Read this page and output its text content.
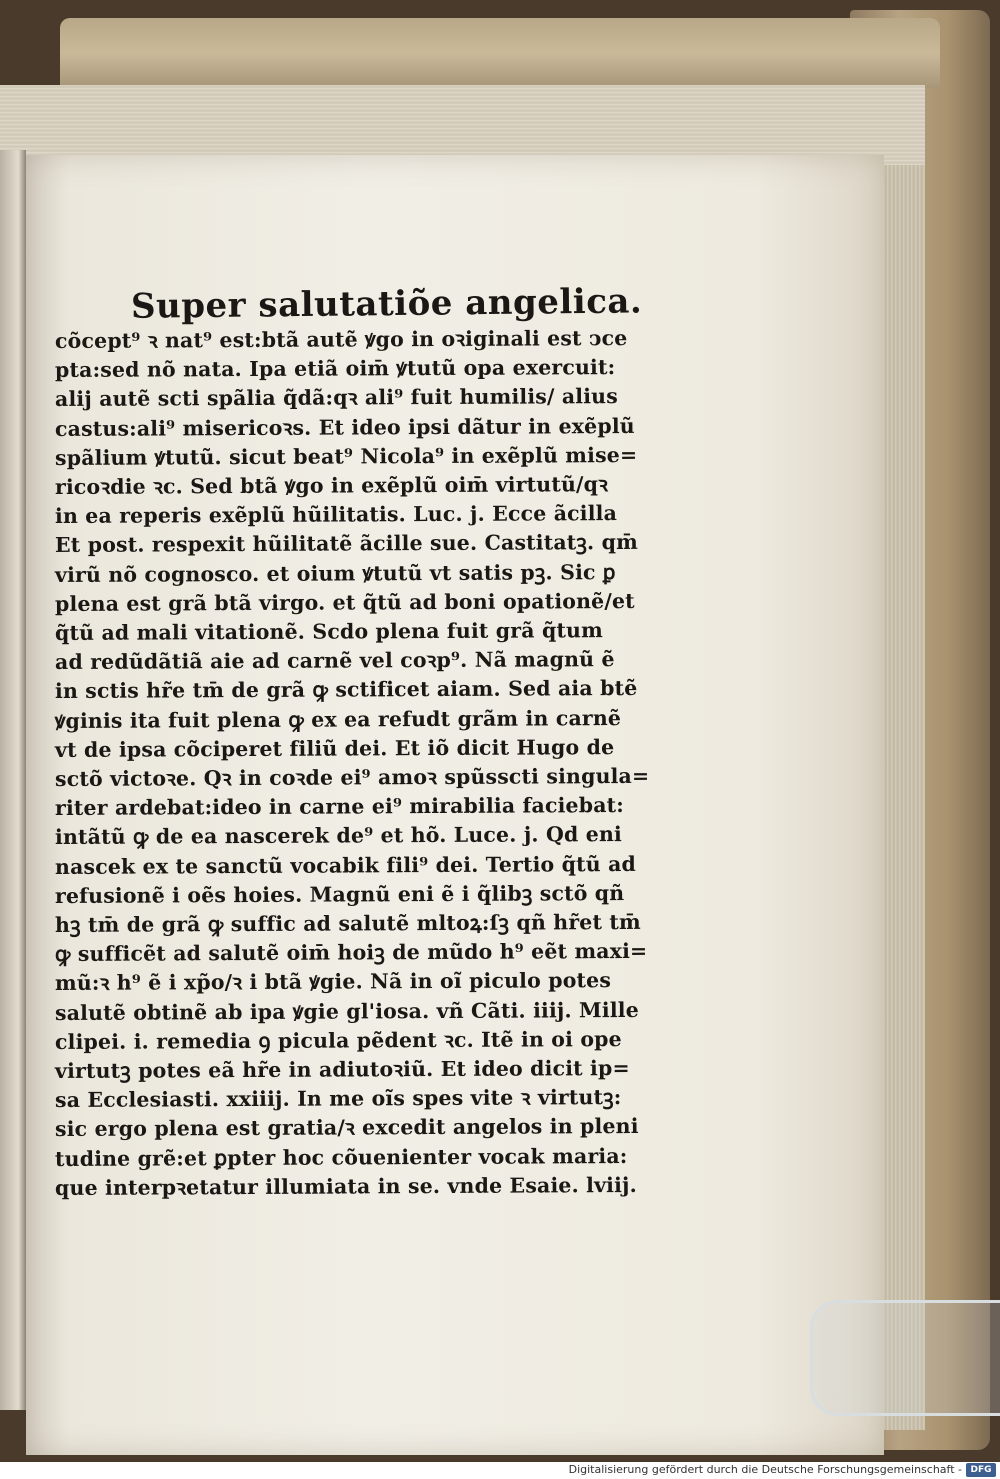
Super salutatiõe angelica.
cõcept⁹ ꝛ nat⁹ est:btã autẽ ꝟgo in oꝛiginali est ↄce
pta:sed nõ nata. Ipa etiã oim̄ ꝟtutũ opa exercuit:
alij autẽ scti spãlia q̃dã:qꝛ ali⁹ fuit humilis/ alius
castus:ali⁹ misericoꝛs. Et ideo ipsi dãtur in exẽplũ
spãlium ꝟtutũ. sicut beat⁹ Nicola⁹ in exẽplũ mise=
ricoꝛdie ꝛc. Sed btã ꝟgo in exẽplũ oim̄ virtutũ/qꝛ
in ea reperis exẽplũ hũilitatis. Luc. j. Ecce ãcilla
Et post. respexit hũilitatẽ ãcille sue. Castitatꝫ. qm̄
virũ nõ cognosco. et oium ꝟtutũ vt satis pꝫ. Sic ꝑ
plena est grã btã virgo. et q̃tũ ad boni opationẽ/et
q̃tũ ad mali vitationẽ. Scdo plena fuit grã q̃tum
ad redũdãtiã aie ad carnẽ vel coꝛp⁹. Nã magnũ ẽ
in sctis hr̃e tm̄ de grã ꝙ sctificet aiam. Sed aia btẽ
ꝟginis ita fuit plena ꝙ ex ea refudt grãm in carnẽ
vt de ipsa cõciperet filiũ dei. Et iõ dicit Hugo de
sctõ victoꝛe. Qꝛ in coꝛde ei⁹ amoꝛ spũsscti singula=
riter ardebat:ideo in carne ei⁹ mirabilia faciebat:
intãtũ ꝙ de ea nascerek de⁹ et hõ. Luce. j. Qd eni
nascek ex te sanctũ vocabik fili⁹ dei. Tertio q̃tũ ad
refusionẽ i oẽs hoies. Magnũ eni ẽ i q̃libꝫ sctõ qñ
hꝫ tm̄ de grã ꝙ suffic ad salutẽ mltoꝝ:ſꝫ qñ hr̃et tm̄
ꝙ sufficẽt ad salutẽ oim̄ hoiꝫ de mũdo h⁹ eẽt maxi=
mũ:ꝛ h⁹ ẽ i xp̃o/ꝛ i btã ꝟgie. Nã in oĩ piculo potes
salutẽ obtinẽ ab ipa ꝟgie gl'iosa. vñ Cãti. iiij. Mille
clipei. i. remedia ꝯ picula pẽdent ꝛc. Itẽ in oi ope
virtutꝫ potes eã hr̃e in adiutoꝛiũ. Et ideo dicit ip=
sa Ecclesiasti. xxiiij. In me oĩs spes vite ꝛ virtutꝫ:
sic ergo plena est gratia/ꝛ excedit angelos in pleni
tudine grẽ:et ꝑpter hoc cõuenienter vocak maria:
que interpꝛetatur illumiata in se. vnde Esaie. lviij.
Digitalisierung gefördert durch die Deutsche Forschungsgemeinschaft - DFG
